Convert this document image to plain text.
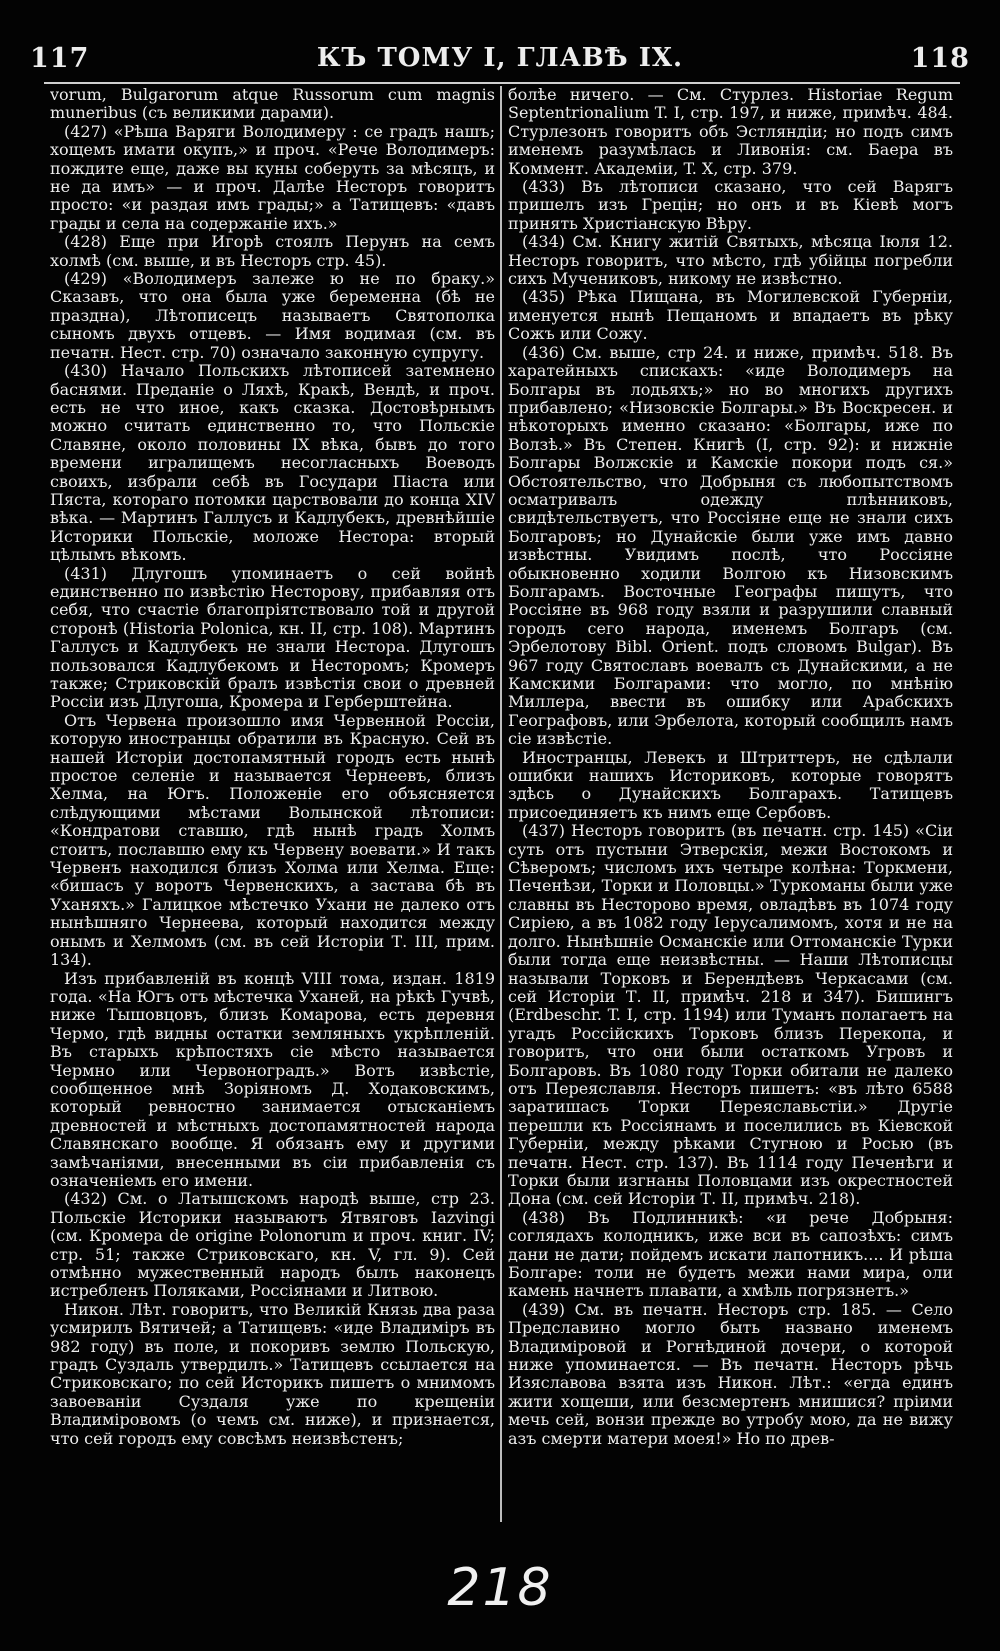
117	КЪ ТОМУ I, ГЛАВѢ IX.	118

vorum, Bulgarorum atque Russorum cum magnis muneribus (съ великими дарами).

(427) «Рѣша Варяги Володимеру : се градъ нашъ; хощемъ имати окупъ,» и проч. «Рече Володимеръ: пождите еще, даже вы куны соберуть за мѣсяцъ, и не да имъ» — и проч. Далѣе Несторъ говоритъ просто: «и раздая имъ грады;» а Татищевъ: «давъ грады и села на содержаніе ихъ.»

(428) Еще при Игорѣ стоялъ Перунъ на семъ холмѣ (см. выше, и въ Несторъ стр. 45).

(429) «Володимеръ залеже ю не по браку.» Сказавъ, что она была уже беременна (бѣ не праздна), Лѣтописецъ называетъ Святополка сыномъ двухъ отцевъ. — Имя водимая (см. въ печатн. Нест. стр. 70) означало законную супругу.

(430) Начало Польскихъ лѣтописей затемнено баснями. Преданіе о Ляхѣ, Кракѣ, Вендѣ, и проч. есть не что иное, какъ сказка. Достовѣрнымъ можно считать единственно то, что Польскіе Славяне, около половины IX вѣка, бывъ до того времени игралищемъ несогласныхъ Воеводъ своихъ, избрали себѣ въ Государи Піаста или Пяста, котораго потомки царствовали до конца XIV вѣка. — Мартинъ Галлусъ и Кадлубекъ, древнѣйшіе Историки Польскіе, моложе Нестора: вторый цѣлымъ вѣкомъ.

(431) Длугошъ упоминаетъ о сей войнѣ единственно по извѣстію Несторову, прибавляя отъ себя, что счастіе благопріятствовало той и другой сторонѣ (Historia Polonica, кн. II, стр. 108). Мартинъ Галлусъ и Кадлубекъ не знали Нестора. Длугошъ пользовался Кадлубекомъ и Несторомъ; Кромеръ также; Стриковскій бралъ извѣстія свои о древней Россіи изъ Длугоша, Кромера и Герберштейна.

Отъ Червена произошло имя Червенной Россіи, которую иностранцы обратили въ Красную. Сей въ нашей Исторіи достопамятный городъ есть нынѣ простое селеніе и называется Чернеевъ, близъ Хелма, на Югъ. Положеніе его объясняется слѣдующими мѣстами Волынской лѣтописи: «Кондратови ставшю, гдѣ нынѣ градъ Холмъ стоитъ, пославшю ему къ Червену воевати.» И такъ Червенъ находился близъ Холма или Хелма. Еще: «бишасъ у воротъ Червенскихъ, а застава бѣ въ Уханяхъ.» Галицкое мѣстечко Ухани не далеко отъ нынѣшняго Чернеева, который находится между онымъ и Хелмомъ (см. въ сей Исторіи Т. III, прим. 134).

Изъ прибавленій въ концѣ VIII тома, издан. 1819 года. «На Югъ отъ мѣстечка Уханей, на рѣкѣ Гучвѣ, ниже Тышовцовъ, близъ Комарова, есть деревня Чермо, гдѣ видны остатки земляныхъ укрѣпленій. Въ старыхъ крѣпостяхъ сіе мѣсто называется Чермно или Червоноградъ.» Вотъ извѣстіе, сообщенное мнѣ Зоріяномъ Д. Ходаковскимъ, который ревностно занимается отысканіемъ древностей и мѣстныхъ достопамятностей народа Славянскаго вообще. Я обязанъ ему и другими замѣчаніями, внесенными въ сіи прибавленія съ означеніемъ его имени.

(432) См. о Латышскомъ народѣ выше, стр 23. Польскіе Историки называютъ Ятвяговъ Iazvingi (см. Кромера de origine Polonorum и проч. книг. IV; стр. 51; также Стриковскаго, кн. V, гл. 9). Сей отмѣнно мужественный народъ былъ наконецъ истребленъ Поляками, Россіянами и Литвою.

Никон. Лѣт. говоритъ, что Великій Князь два раза усмирилъ Вятичей; а Татищевъ: «иде Владиміръ въ 982 году) въ поле, и покоривъ землю Польскую, градъ Суздаль утвердилъ.» Татищевъ ссылается на Стриковскаго; по сей Историкъ пишетъ о мнимомъ завоеваніи Суздаля уже по крещеніи Владиміровомъ (о чемъ см. ниже), и признается, что сей городъ ему совсѣмъ неизвѣстенъ;

болѣе ничего. — См. Стурлез. Historiae Regum Septentrionalium T. I, стр. 197, и ниже, примѣч. 484. Стурлезонъ говоритъ объ Эстляндіи; но подъ симъ именемъ разумѣлась и Ливонія: см. Баера въ Коммент. Академіи, T. X, стр. 379.

(433) Въ лѣтописи сказано, что сей Варягъ пришелъ изъ Грецін; но онъ и въ Кіевѣ могъ принять Христіанскую Вѣру.

(434) См. Книгу житій Святыхъ, мѣсяца Іюля 12. Несторъ говоритъ, что мѣсто, гдѣ убійцы погребли сихъ Мучениковъ, никому не извѣстно.

(435) Рѣка Пищана, въ Могилевской Губерніи, именуется нынѣ Пещаномъ и впадаетъ въ рѣку Сожъ или Сожу.

(436) См. выше, стр 24. и ниже, примѣч. 518. Въ харатейныхъ спискахъ: «иде Володимеръ на Болгары въ лодьяхъ;» но во многихъ другихъ прибавлено; «Низовскіе Болгары.» Въ Воскресен. и нѣкоторыхъ именно сказано: «Болгары, иже по Волзѣ.» Въ Степен. Книгѣ (I, стр. 92): и нижніе Болгары Волжскіе и Камскіе покори подъ ся.» Обстоятельство, что Добрыня съ любопытствомъ осматривалъ одежду плѣнниковъ, свидѣтельствуетъ, что Россіяне еще не знали сихъ Болгаровъ; но Дунайскіе были уже имъ давно извѣстны. Увидимъ послѣ, что Россіяне обыкновенно ходили Волгою къ Низовскимъ Болгарамъ. Восточные Географы пишутъ, что Россіяне въ 968 году взяли и разрушили славный городъ сего народа, именемъ Болгаръ (см. Эрбелотову Bibl. Orient. подъ словомъ Bulgar). Въ 967 году Святославъ воевалъ съ Дунайскими, а не Камскими Болгарами: что могло, по мнѣнію Миллера, ввести въ ошибку или Арабскихъ Географовъ, или Эрбелота, который сообщилъ намъ сіе извѣстіе.

Иностранцы, Левекъ и Штриттеръ, не сдѣлали ошибки нашихъ Историковъ, которые говорятъ здѣсь о Дунайскихъ Болгарахъ. Татищевъ присоединяетъ къ нимъ еще Сербовъ.

(437) Несторъ говоритъ (въ печатн. стр. 145) «Сіи суть отъ пустыни Этверскія, межи Востокомъ и Сѣверомъ; числомъ ихъ четыре колѣна: Торкмени, Печенѣзи, Торки и Половцы.» Туркоманы были уже славны въ Несторово время, овладѣвъ въ 1074 году Сиріею, а въ 1082 году Іерусалимомъ, хотя и не на долго. Нынѣшніе Османскіе или Оттоманскіе Турки были тогда еще неизвѣстны. — Наши Лѣтописцы называли Торковъ и Берендѣевъ Черкасами (см. сей Исторіи Т. II, примѣч. 218 и 347). Бишингъ (Erdbeschr. T. I, стр. 1194) или Туманъ полагаетъ на угадъ Россійскихъ Торковъ близъ Перекопа, и говоритъ, что они были остаткомъ Угровъ и Болгаровъ. Въ 1080 году Торки обитали не далеко отъ Переяславля. Несторъ пишетъ: «въ лѣто 6588 заратишасъ Торки Переяславьстіи.» Другіе перешли къ Россіянамъ и поселились въ Кіевской Губерніи, между рѣками Стугною и Росью (въ печатн. Нест. стр. 137). Въ 1114 году Печенѣги и Торки были изгнаны Половцами изъ окрестностей Дона (см. сей Исторіи Т. II, примѣч. 218).

(438) Въ Подлинникѣ: «и рече Добрыня: соглядахъ колодникъ, иже вси въ сапозѣхъ: симъ дани не дати; пойдемъ искати лапотникъ.... И рѣша Болгаре: толи не будетъ межи нами мира, оли камень начнетъ плавати, а хмѣль погрязнетъ.»

(439) См. въ печатн. Несторъ стр. 185. — Село Предславино могло быть названо именемъ Владиміровой и Рогнѣдиной дочери, о которой ниже упоминается. — Въ печатн. Несторъ рѣчь Изяславова взята изъ Никон. Лѣт.: «егда единъ жити хощеши, или безсмертенъ мнишися? пріими мечь сей, вонзи прежде во утробу мою, да не вижу азъ смерти матери моея!» Но по древ-

218
